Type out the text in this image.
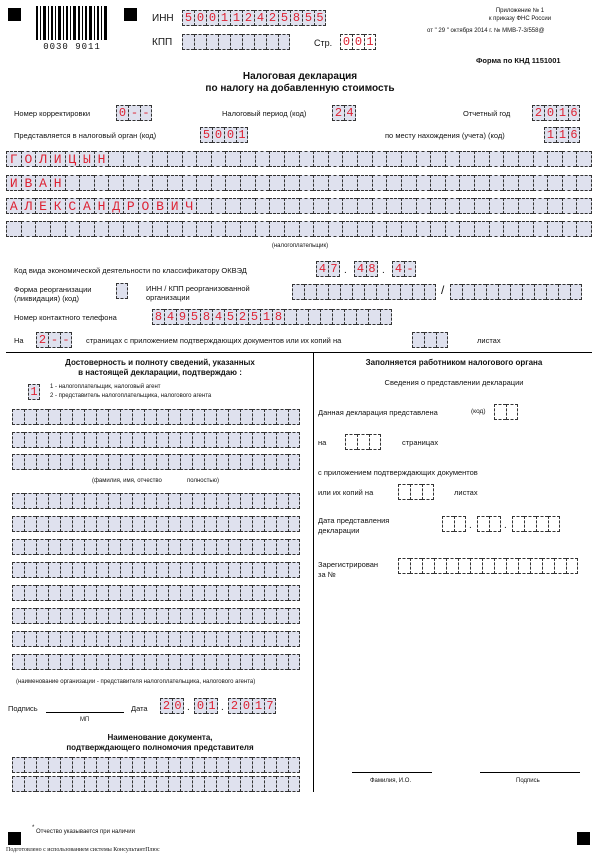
0030 9011
ИНН 5 0 0 1 1 2 4 2 5 8 5 5
КПП	Стр. 0 0 1
Приложение № 1
к приказу ФНС России
от " 29 " октября 2014 г. № ММВ-7-3/558@
Форма по КНД 1151001
Налоговая декларация
по налогу на добавленную стоимость
Номер корректировки 0 - -	Налоговый период (код) 2 4	Отчетный год 2 0 1 6
Представляется в налоговый орган (код)	5 0 0 1	по месту нахождения (учета) (код)	1 1 6
Г О Л И Ц Ы Н
И В А Н
А Л Е К С А Н Д Р О В И Ч
(налогоплательщик)
Код вида экономической деятельности по классификатору ОКВЭД	4 7 . 4 8 . 4 -
Форма реорганизации
(ликвидация) (код)
ИНН / КПП реорганизованной
организации
/
Номер контактного телефона	8 4 9 5 8 4 5 2 5 1 8
На 2 - -	страницах с приложением подтверждающих документов или их копий на	листах
Достоверность и полноту сведений, указанных
в настоящей декларации, подтверждаю :
1	1 - налогоплательщик, налоговый агент
2 - представитель налогоплательщика, налогового агента
(фамилия, имя, отчество	полностью)
(наименование организации - представителя налогоплательщика, налогового агента)
Подпись
МП
Дата 2 0 . 0 1 . 2 0 1 7
Наименование документа,
подтверждающего полномочия представителя
Заполняется работником налогового органа
Сведения о представлении декларации
Данная декларация представлена	(код)
на	страницах
с приложением подтверждающих документов
или их копий на	листах
Дата представления
декларации	.	.
Зарегистрирован
за №
Фамилия, И.О.	Подпись
*
Отчество указывается при наличии
Подготовлено с использованием системы КонсультантПлюс
